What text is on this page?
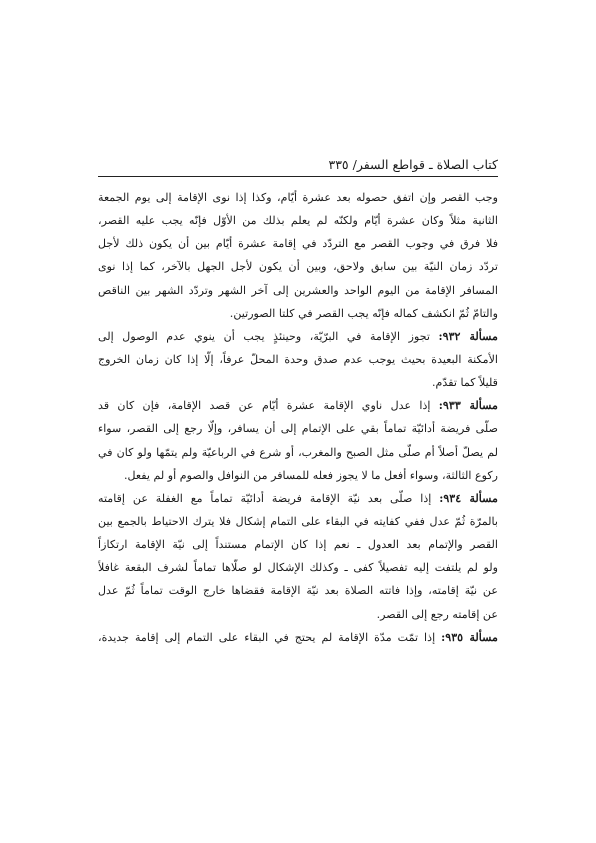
كتاب الصلاة ـ قواطع السفر/ ٣٣٥
وجب القصر وإن اتفق حصوله بعد عشرة أيّام، وكذا إذا نوى الإقامة إلى يوم الجمعة
الثانية مثلاً وكان عشرة أيّام ولكنّه لم يعلم بذلك من الأوّل فإنّه يجب عليه القصر،
فلا فرق في وجوب القصر مع التردّد في إقامة عشرة أيّام بين أن يكون ذلك لأجل
تردّد زمان النيّة بين سابق ولاحق، وبين أن يكون لأجل الجهل بالآخر، كما إذا نوى
المسافر الإقامة من اليوم الواحد والعشرين إلى آخر الشهر وتردّد الشهر بين الناقص
والتامّ ثُمّ انكشف كماله فإنّه يجب القصر في كلتا الصورتين.
مسألة ٩٣٢: تجوز الإقامة في البرّيّة، وحينئذٍ يجب أن ينوي عدم الوصول إلى
الأمكنة البعيدة بحيث يوجب عدم صدق وحدة المحلّ عرفاً، إلّا إذا كان زمان الخروج
قليلاً كما تقدّم.
مسألة ٩٣٣: إذا عدل ناوي الإقامة عشرة أيّام عن قصد الإقامة، فإن كان قد
صلّى فريضة أدائيّة تماماً بقي على الإتمام إلى أن يسافر، وإلّا رجع إلى القصر، سواء
لم يصلّ أصلاً أم صلّى مثل الصبح والمغرب، أو شرع في الرباعيّة ولم يتمّها ولو كان في
ركوع الثالثة، وسواء أفعل ما لا يجوز فعله للمسافر من النوافل والصوم أو لم يفعل.
مسألة ٩٣٤: إذا صلّى بعد نيّة الإقامة فريضة أدائيّة تماماً مع الغفلة عن إقامته
بالمرّة ثُمّ عدل ففي كفايته في البقاء على التمام إشكال فلا يترك الاحتياط بالجمع بين
القصر والإتمام بعد العدول ـ نعم إذا كان الإتمام مستنداً إلى نيّة الإقامة ارتكازاً
ولو لم يلتفت إليه تفصيلاً كفى ـ وكذلك الإشكال لو صلّاها تماماً لشرف البقعة غافلاً
عن نيّة إقامته، وإذا فاتته الصلاة بعد نيّة الإقامة فقضاها خارج الوقت تماماً ثُمّ عدل
عن إقامته رجع إلى القصر.
مسألة ٩٣٥: إذا تمّت مدّة الإقامة لم يحتج في البقاء على التمام إلى إقامة جديدة،
